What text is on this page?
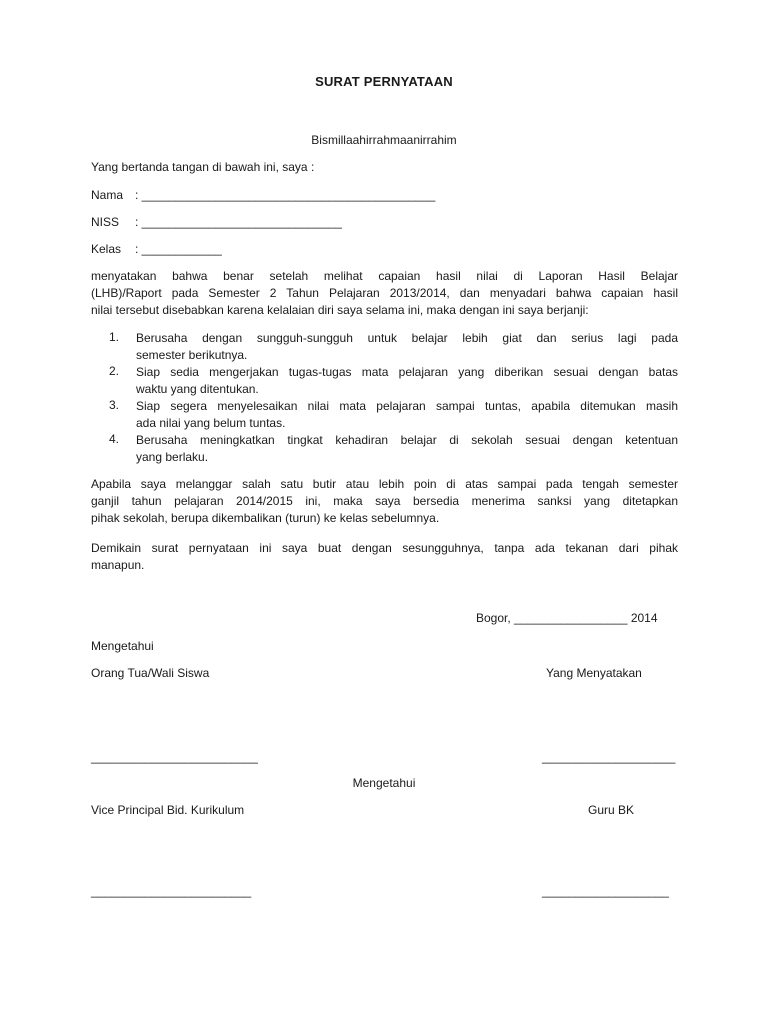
SURAT PERNYATAAN
Bismillaahirrahmaanirrahim
Yang bertanda tangan di bawah ini, saya :
Nama : ____________________________________________
NISS : ______________________________
Kelas : ____________
menyatakan bahwa benar setelah melihat capaian hasil nilai di Laporan Hasil Belajar
(LHB)/Raport pada Semester 2 Tahun Pelajaran 2013/2014, dan menyadari bahwa capaian hasil
nilai tersebut disebabkan karena kelalaian diri saya selama ini, maka dengan ini saya berjanji:
1.	Berusaha dengan sungguh-sungguh untuk belajar lebih giat dan serius lagi pada
semester berikutnya.
2.	Siap sedia mengerjakan tugas-tugas mata pelajaran yang diberikan sesuai dengan batas
waktu yang ditentukan.
3.	Siap segera menyelesaikan nilai mata pelajaran sampai tuntas, apabila ditemukan masih
ada nilai yang belum tuntas.
4.	Berusaha meningkatkan tingkat kehadiran belajar di sekolah sesuai dengan ketentuan
yang berlaku.
Apabila saya melanggar salah satu butir atau lebih poin di atas sampai pada tengah semester
ganjil tahun pelajaran 2014/2015 ini, maka saya bersedia menerima sanksi yang ditetapkan
pihak sekolah, berupa dikembalikan (turun) ke kelas sebelumnya.
Demikain surat pernyataan ini saya buat dengan sesungguhnya, tanpa ada tekanan dari pihak
manapun.
Bogor, _________________ 2014
Mengetahui
Orang Tua/Wali Siswa	Yang Menyatakan
_________________________	____________________
Mengetahui
Vice Principal Bid. Kurikulum	Guru BK
________________________	___________________
